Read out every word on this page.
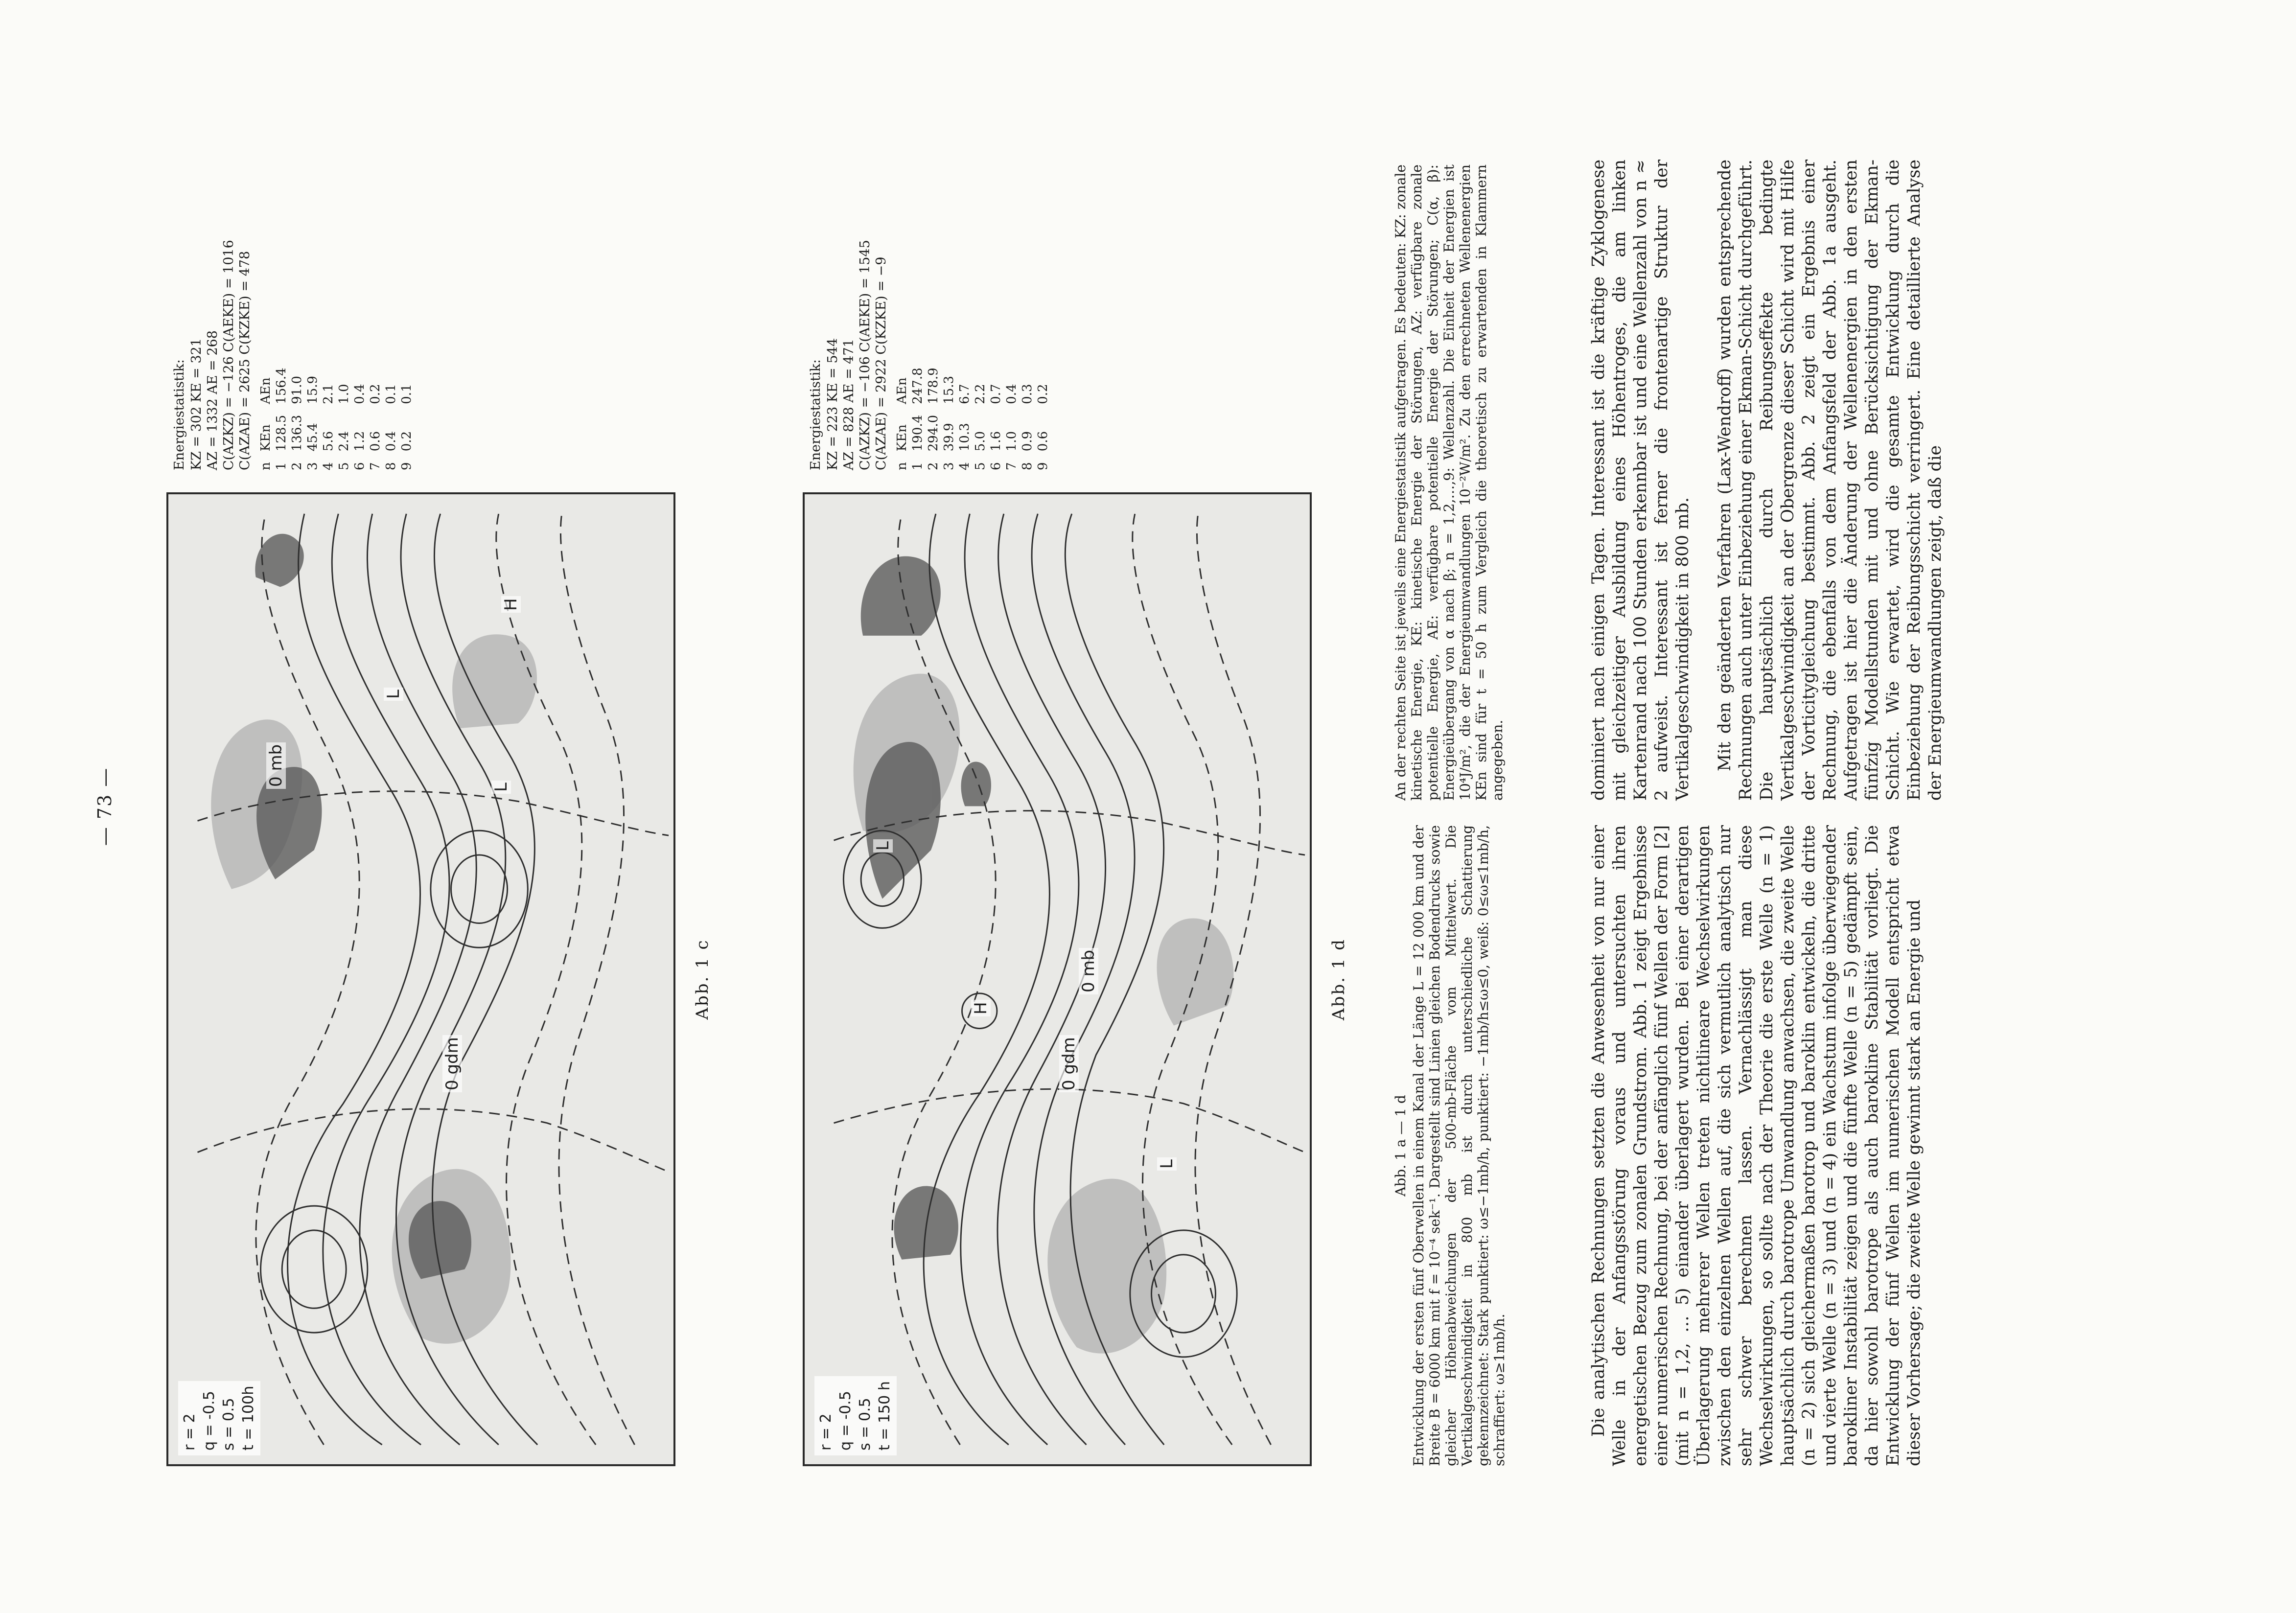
— 73 —
r = 2 q = -0.5 s = 0.5 t = 100h
0 gdm
0 mb
L
L
H
Energiestatistik: KZ = 302 KE = 321 AZ = 1332 AE = 268 C(AZKZ) = −126 C(AEKE) = 1016 C(AZAE) = 2625 C(KZKE) = 478 n	KEn	AEn
1	128.5	156.4
2	136.3	91.0
3	45.4	15.9
4	5.6	2.1
5	2.4	1.0
6	1.2	0.4
7	0.6	0.2
8	0.4	0.1
9	0.2	0.1
Abb. 1 c
r = 2 q = -0.5 s = 0.5 t = 150 h
0 gdm
0 mb
L
L
H
Energiestatistik: KZ = 223 KE = 544 AZ = 828 AE = 471 C(AZKZ) = −106 C(AEKE) = 1545 C(AZAE) = 2922 C(KZKE) = −9 n	KEn	AEn
1	190.4	247.8
2	294.0	178.9
3	39.9	15.3
4	10.3	6.7
5	5.0	2.2
6	1.6	0.7
7	1.0	0.4
8	0.9	0.3
9	0.6	0.2
Abb. 1 d
Abb. 1 a — 1 d Entwicklung der ersten fünf Oberwellen in einem Kanal der Länge L = 12 000 km und der Breite B = 6000 km mit f = 10⁻⁴ sek⁻¹. Dargestellt sind Linien gleichen Bodendrucks sowie gleicher Höhenabweichungen der 500-mb-Fläche vom Mittelwert. Die Vertikalgeschwindigkeit in 800 mb ist durch unterschiedliche Schattierung gekennzeichnet: Stark punktiert: ω≤−1mb/h, punktiert: −1mb/h≤ω≤0, weiß: 0≤ω≤1mb/h, schraffiert: ω≥1mb/h.
An der rechten Seite ist jeweils eine Energiestatistik aufgetragen. Es bedeuten: KZ: zonale kinetische Energie, KE: kinetische Energie der Störungen, AZ: verfügbare zonale potentielle Energie, AE: verfügbare potentielle Energie der Störungen; C(α, β): Energieübergang von α nach β; n = 1,2,…,9: Wellenzahl. Die Einheit der Energien ist 10⁴J/m², die der Energieumwandlungen 10⁻²W/m². Zu den errechneten Wellenenergien KEn sind für t = 50 h zum Vergleich die theoretisch zu erwartenden in Klammern angegeben.

Die analytischen Rechnungen setzten die Anwesenheit von nur einer Welle in der Anfangsstörung voraus und untersuchten ihren energetischen Bezug zum zonalen Grundstrom. Abb. 1 zeigt Ergebnisse einer numerischen Rechnung, bei der anfänglich fünf Wellen der Form [2] (mit n = 1,2, … 5) einander überlagert wurden. Bei einer derartigen Überlagerung mehrerer Wellen treten nichtlineare Wechselwirkungen zwischen den einzelnen Wellen auf, die sich vermutlich analytisch nur sehr schwer berechnen lassen. Vernachlässigt man diese Wechselwirkungen, so sollte nach der Theorie die erste Welle (n = 1) hauptsächlich durch barotrope Umwandlung anwachsen, die zweite Welle (n = 2) sich gleichermaßen barotrop und baroklin entwickeln, die dritte und vierte Welle (n = 3) und (n = 4) ein Wachstum infolge überwiegender barokliner Instabilität zeigen und die fünfte Welle (n = 5) gedämpft sein, da hier sowohl barotrope als auch barokline Stabilität vorliegt. Die Entwicklung der fünf Wellen im numerischen Modell entspricht etwa dieser Vorhersage; die zweite Welle gewinnt stark an Energie und

dominiert nach einigen Tagen. Interessant ist die kräftige Zyklogenese mit gleichzeitiger Ausbildung eines Höhentroges, die am linken Kartenrand nach 100 Stunden erkennbar ist und eine Wellenzahl von n ≈ 2 aufweist. Interessant ist ferner die frontenartige Struktur der Vertikalgeschwindigkeit in 800 mb. Mit den geänderten Verfahren (Lax-Wendroff) wurden entsprechende Rechnungen auch unter Einbeziehung einer Ekman-Schicht durchgeführt. Die hauptsächlich durch Reibungseffekte bedingte Vertikalgeschwindigkeit an der Obergrenze dieser Schicht wird mit Hilfe der Vorticitygleichung bestimmt. Abb. 2 zeigt ein Ergebnis einer Rechnung, die ebenfalls von dem Anfangsfeld der Abb. 1a ausgeht. Aufgetragen ist hier die Änderung der Wellenenergien in den ersten fünfzig Modellstunden mit und ohne Berücksichtigung der Ekman-Schicht. Wie erwartet, wird die gesamte Entwicklung durch die Einbeziehung der Reibungsschicht verringert. Eine detaillierte Analyse der Energieumwandlungen zeigt, daß die
